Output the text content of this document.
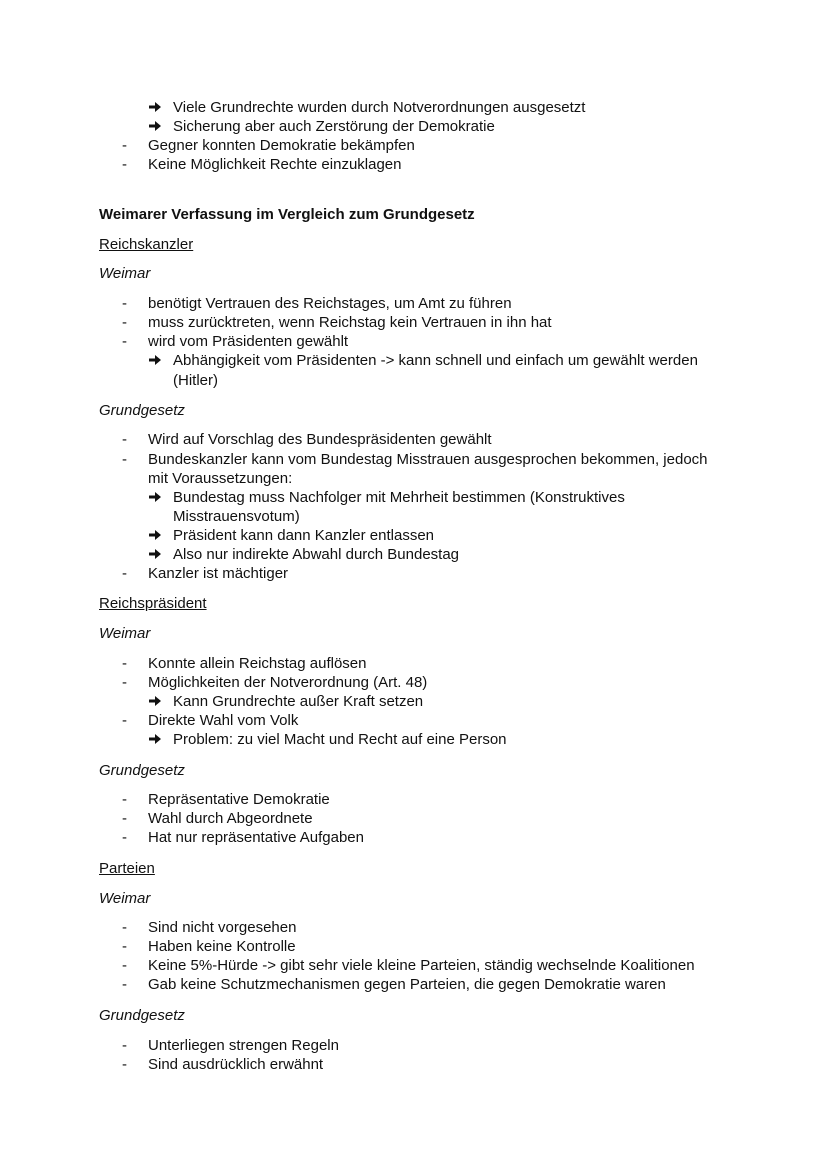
Viele Grundrechte wurden durch Notverordnungen ausgesetzt
Sicherung aber auch Zerstörung der Demokratie
- Gegner konnten Demokratie bekämpfen
- Keine Möglichkeit Rechte einzuklagen
Weimarer Verfassung im Vergleich zum Grundgesetz
Reichskanzler
Weimar
- benötigt Vertrauen des Reichstages, um Amt zu führen
- muss zurücktreten, wenn Reichstag kein Vertrauen in ihn hat
- wird vom Präsidenten gewählt
Abhängigkeit vom Präsidenten -> kann schnell und einfach um gewählt werden
(Hitler)
Grundgesetz
- Wird auf Vorschlag des Bundespräsidenten gewählt
- Bundeskanzler kann vom Bundestag Misstrauen ausgesprochen bekommen, jedoch
mit Voraussetzungen:
Bundestag muss Nachfolger mit Mehrheit bestimmen (Konstruktives
Misstrauensvotum)
Präsident kann dann Kanzler entlassen
Also nur indirekte Abwahl durch Bundestag
- Kanzler ist mächtiger
Reichspräsident
Weimar
- Konnte allein Reichstag auflösen
- Möglichkeiten der Notverordnung (Art. 48)
Kann Grundrechte außer Kraft setzen
- Direkte Wahl vom Volk
Problem: zu viel Macht und Recht auf eine Person
Grundgesetz
- Repräsentative Demokratie
- Wahl durch Abgeordnete
- Hat nur repräsentative Aufgaben
Parteien
Weimar
- Sind nicht vorgesehen
- Haben keine Kontrolle
- Keine 5%-Hürde -> gibt sehr viele kleine Parteien, ständig wechselnde Koalitionen
- Gab keine Schutzmechanismen gegen Parteien, die gegen Demokratie waren
Grundgesetz
- Unterliegen strengen Regeln
- Sind ausdrücklich erwähnt
